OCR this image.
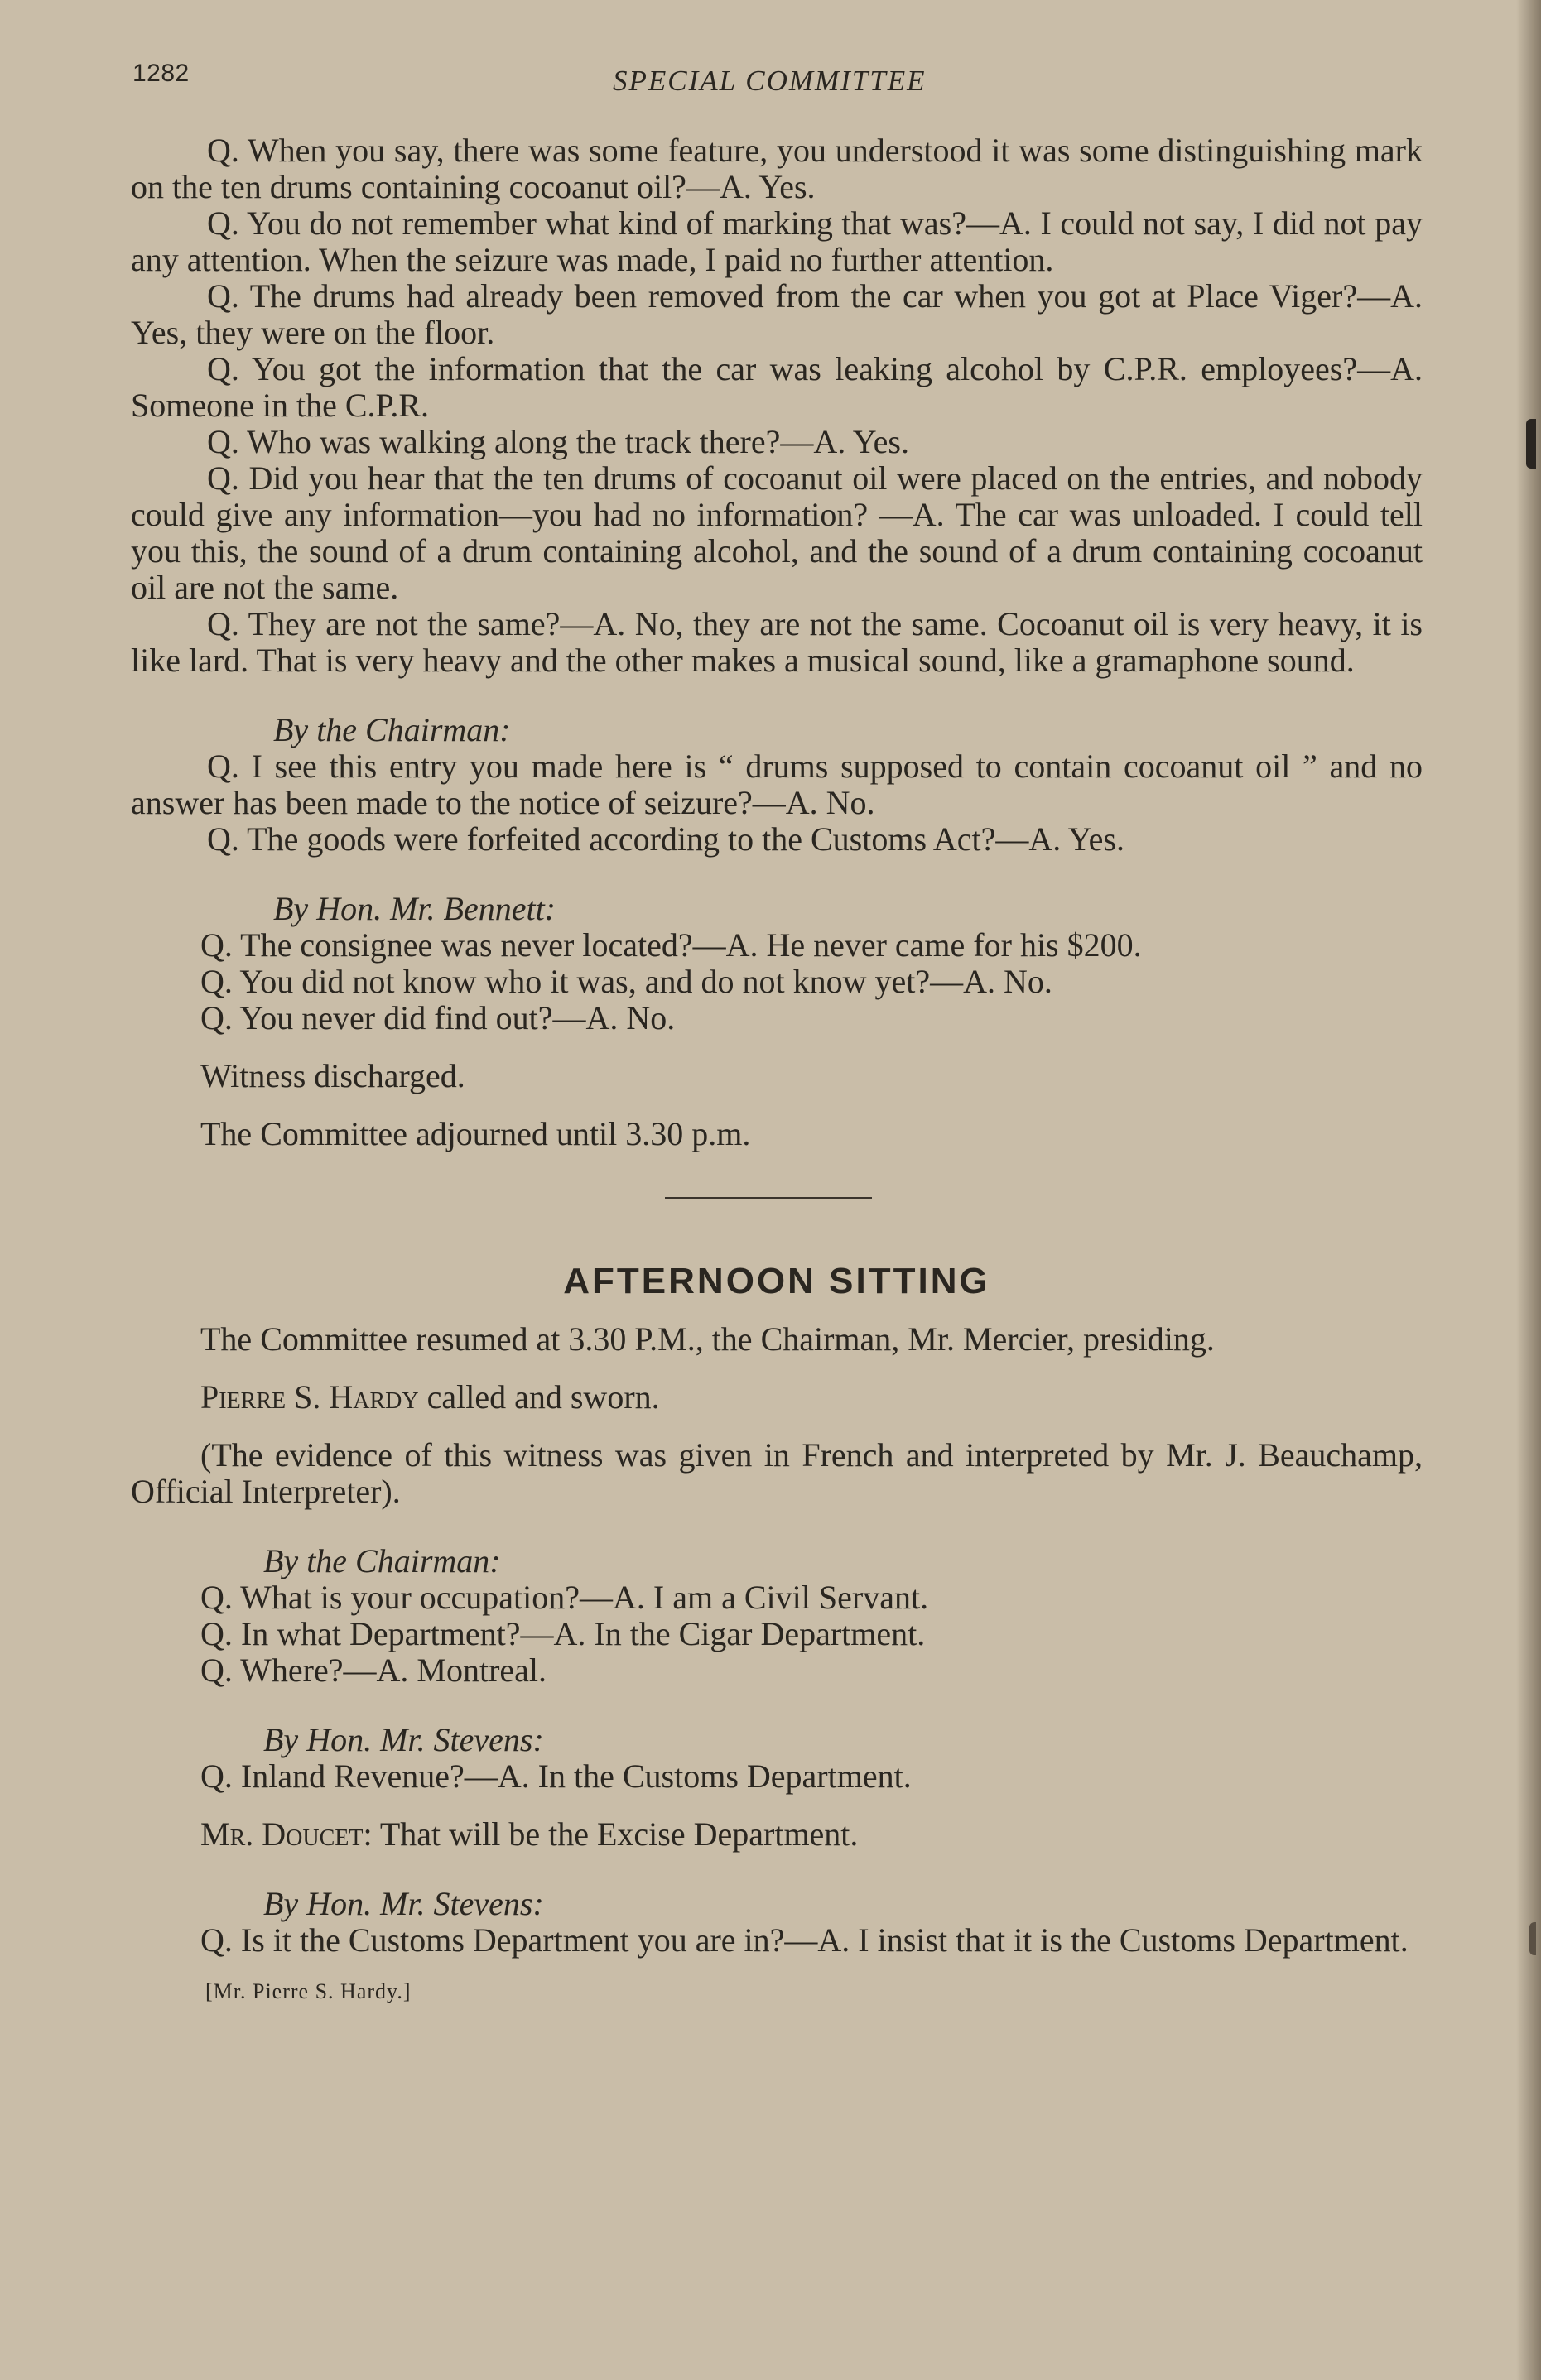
1282	SPECIAL COMMITTEE

Q. When you say, there was some feature, you understood it was some distinguishing mark on the ten drums containing cocoanut oil?—A. Yes.

Q. You do not remember what kind of marking that was?—A. I could not say, I did not pay any attention. When the seizure was made, I paid no further attention.

Q. The drums had already been removed from the car when you got at Place Viger?—A. Yes, they were on the floor.

Q. You got the information that the car was leaking alcohol by C.P.R. employees?—A. Someone in the C.P.R.

Q. Who was walking along the track there?—A. Yes.

Q. Did you hear that the ten drums of cocoanut oil were placed on the entries, and nobody could give any information—you had no information? —A. The car was unloaded. I could tell you this, the sound of a drum containing alcohol, and the sound of a drum containing cocoanut oil are not the same.

Q. They are not the same?—A. No, they are not the same. Cocoanut oil is very heavy, it is like lard. That is very heavy and the other makes a musical sound, like a gramaphone sound.

By the Chairman:

Q. I see this entry you made here is “ drums supposed to contain cocoanut oil ” and no answer has been made to the notice of seizure?—A. No.

Q. The goods were forfeited according to the Customs Act?—A. Yes.

By Hon. Mr. Bennett:

Q. The consignee was never located?—A. He never came for his $200.

Q. You did not know who it was, and do not know yet?—A. No.

Q. You never did find out?—A. No.

Witness discharged.

The Committee adjourned until 3.30 p.m.

AFTERNOON SITTING

The Committee resumed at 3.30 P.M., the Chairman, Mr. Mercier, presiding.

Pierre S. Hardy called and sworn.

(The evidence of this witness was given in French and interpreted by Mr. J. Beauchamp, Official Interpreter).

By the Chairman:

Q. What is your occupation?—A. I am a Civil Servant.

Q. In what Department?—A. In the Cigar Department.

Q. Where?—A. Montreal.

By Hon. Mr. Stevens:

Q. Inland Revenue?—A. In the Customs Department.

Mr. Doucet: That will be the Excise Department.

By Hon. Mr. Stevens:

Q. Is it the Customs Department you are in?—A. I insist that it is the Customs Department.

[Mr. Pierre S. Hardy.]
